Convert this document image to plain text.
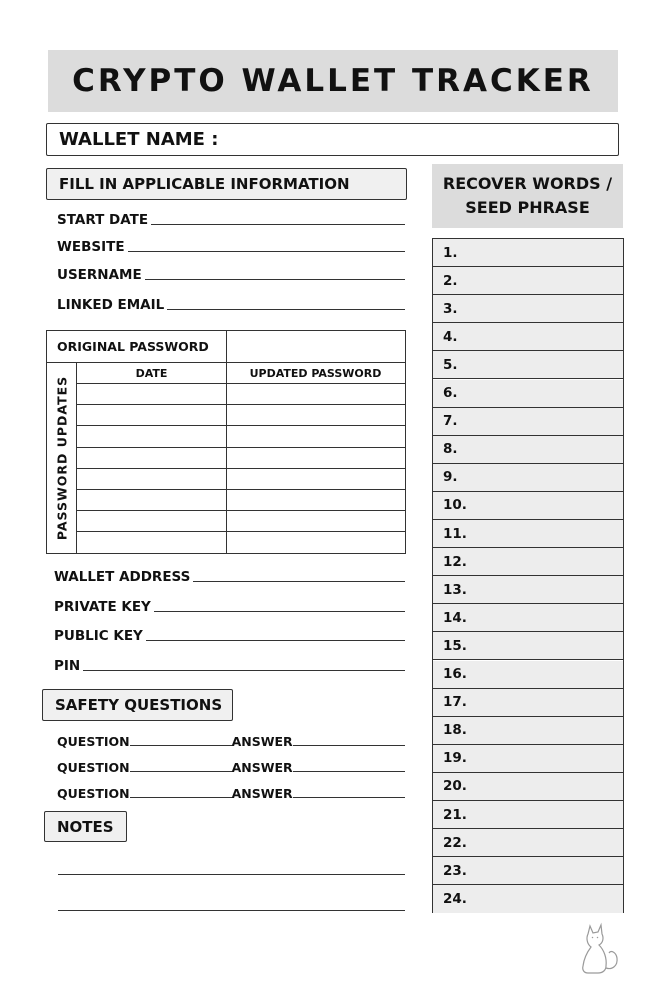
CRYPTO WALLET TRACKER
WALLET NAME :
FILL IN APPLICABLE INFORMATION
START DATE
WEBSITE
USERNAME
LINKED EMAIL
ORIGINAL PASSWORD
PASSWORD UPDATES
DATE	UPDATED PASSWORD
WALLET ADDRESS
PRIVATE KEY
PUBLIC KEY
PIN
SAFETY QUESTIONS
QUESTION	ANSWER
QUESTION	ANSWER
QUESTION	ANSWER
NOTES
RECOVER WORDS /
SEED PHRASE
1.
2.
3.
4.
5.
6.
7.
8.
9.
10.
11.
12.
13.
14.
15.
16.
17.
18.
19.
20.
21.
22.
23.
24.
